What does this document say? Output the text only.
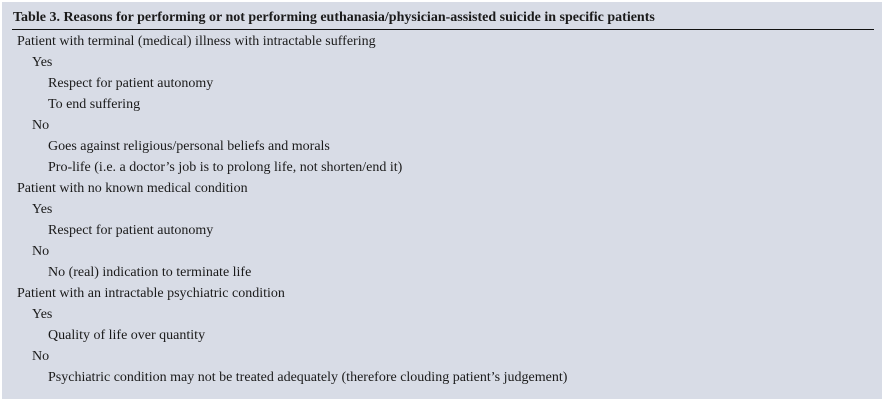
Table 3. Reasons for performing or not performing euthanasia/physician-assisted suicide in specific patients
Patient with terminal (medical) illness with intractable suffering
Yes
Respect for patient autonomy
To end suffering
No
Goes against religious/personal beliefs and morals
Pro-life (i.e. a doctor’s job is to prolong life, not shorten/end it)
Patient with no known medical condition
Yes
Respect for patient autonomy
No
No (real) indication to terminate life
Patient with an intractable psychiatric condition
Yes
Quality of life over quantity
No
Psychiatric condition may not be treated adequately (therefore clouding patient’s judgement)
